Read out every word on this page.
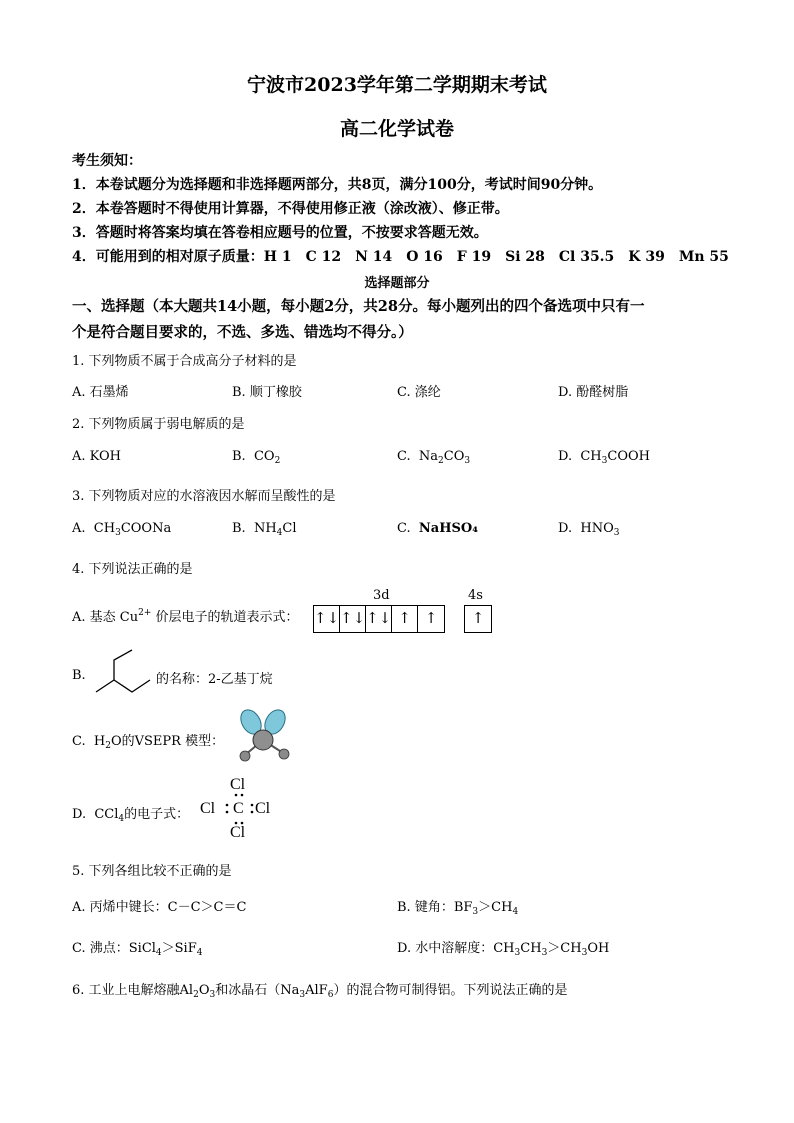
宁波市2023学年第二学期期末考试
高二化学试卷
考生须知：
1．本卷试题分为选择题和非选择题两部分，共8页，满分100分，考试时间90分钟。
2．本卷答题时不得使用计算器，不得使用修正液（涂改液）、修正带。
3．答题时将答案均填在答卷相应题号的位置，不按要求答题无效。
4．可能用到的相对原子质量：H 1　C 12　N 14　O 16　F 19　Si 28　Cl 35.5　K 39　Mn 55
选择题部分
一、选择题（本大题共14小题，每小题2分，共28分。每小题列出的四个备选项中只有一
个是符合题目要求的，不选、多选、错选均不得分。）
1. 下列物质不属于合成高分子材料的是
A. 石墨烯	B. 顺丁橡胶	C. 涤纶	D. 酚醛树脂
2. 下列物质属于弱电解质的是
A. KOH	B.  $CO_2$	C.  $Na_2CO_3$	D.  $CH_3COOH$
3. 下列物质对应的水溶液因水解而呈酸性的是
A.  $CH_3COONa$	B.  $NH_4Cl$	C. NaHSO₄	D.  $HNO_3$
4. 下列说法正确的是
A. 基态 $Cu^{2+}$ 价层电子的轨道表示式：
3d	4s
↑↓ ↑↓ ↑↓ ↑ ↑	↑
B.	的名称：2-乙基丁烷
C.  $H_2O$的VSEPR 模型：
D.  CCl$_4$的电子式：
Cl
Cl C Cl
Cl
5. 下列各组比较不正确的是
A. 丙烯中键长：C－C＞C＝C	B. 键角：$BF_3>CH_4$
C. 沸点：SiCl$_4$＞SiF$_4$	D. 水中溶解度：$CH_3CH_3>CH_3OH$
6. 工业上电解熔融$Al_2O_3$和冰晶石$(Na_3AlF_6)$的混合物可制得铝。下列说法正确的是
